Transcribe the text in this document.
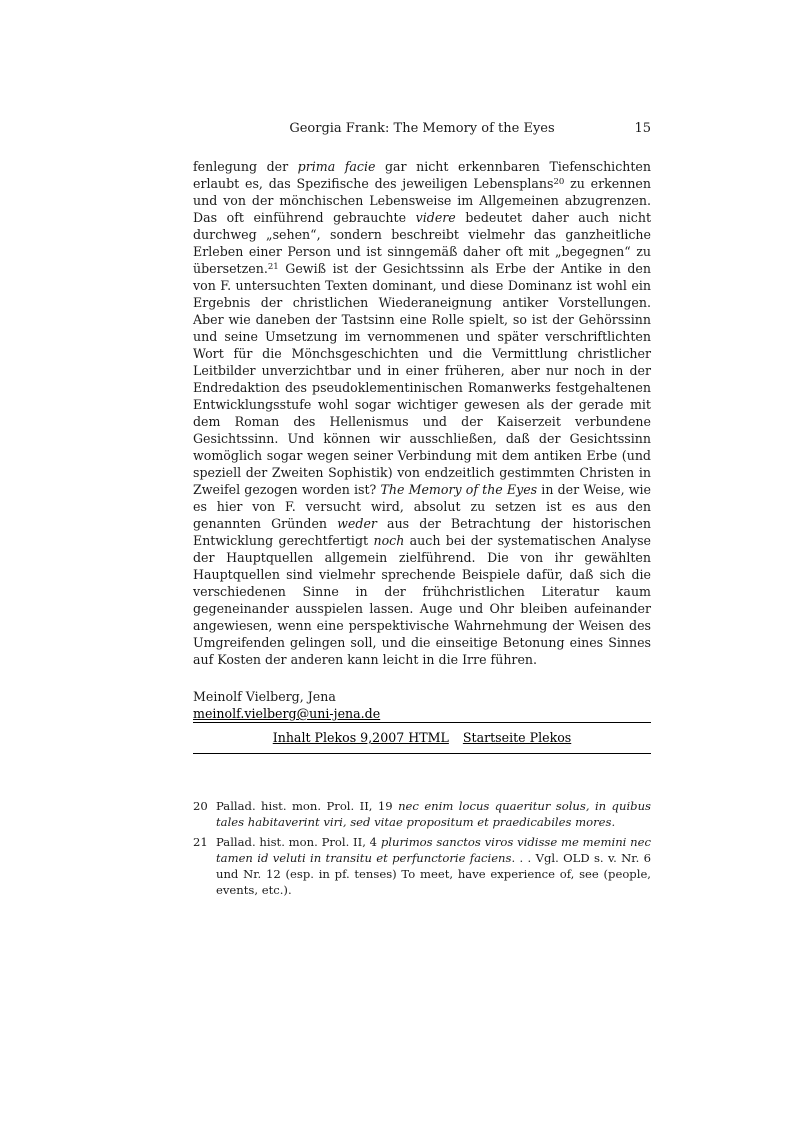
Georgia Frank: The Memory of the Eyes	15

fenlegung der prima facie gar nicht erkennbaren Tiefenschichten erlaubt es, das Spezifische des jeweiligen Lebensplans$^{20}$ zu erkennen und von der mönchischen Lebensweise im Allgemeinen abzugrenzen. Das oft einführend gebrauchte videre bedeutet daher auch nicht durchweg „sehen“, sondern beschreibt vielmehr das ganzheitliche Erleben einer Person und ist sinngemäß daher oft mit „begegnen“ zu übersetzen.$^{21}$ Gewiß ist der Gesichtssinn als Erbe der Antike in den von F. untersuchten Texten dominant, und diese Dominanz ist wohl ein Ergebnis der christlichen Wiederaneignung antiker Vorstellungen. Aber wie daneben der Tastsinn eine Rolle spielt, so ist der Gehörssinn und seine Umsetzung im vernommenen und später verschriftlichten Wort für die Mönchsgeschichten und die Vermittlung christlicher Leitbilder unverzichtbar und in einer früheren, aber nur noch in der Endredaktion des pseudoklementinischen Romanwerks festgehaltenen Entwicklungsstufe wohl sogar wichtiger gewesen als der gerade mit dem Roman des Hellenismus und der Kaiserzeit verbundene Gesichtssinn. Und können wir ausschließen, daß der Gesichtssinn womöglich sogar wegen seiner Verbindung mit dem antiken Erbe (und speziell der Zweiten Sophistik) von endzeitlich gestimmten Christen in Zweifel gezogen worden ist? The Memory of the Eyes in der Weise, wie es hier von F. versucht wird, absolut zu setzen ist es aus den genannten Gründen weder aus der Betrachtung der historischen Entwicklung gerechtfertigt noch auch bei der systematischen Analyse der Hauptquellen allgemein zielführend. Die von ihr gewählten Hauptquellen sind vielmehr sprechende Beispiele dafür, daß sich die verschiedenen Sinne in der frühchristlichen Literatur kaum gegeneinander ausspielen lassen. Auge und Ohr bleiben aufeinander angewiesen, wenn eine perspektivische Wahrnehmung der Weisen des Umgreifenden gelingen soll, und die einseitige Betonung eines Sinnes auf Kosten der anderen kann leicht in die Irre führen.

Meinolf Vielberg, Jena
meinolf.vielberg@uni-jena.de

Inhalt Plekos 9,2007 HTML Startseite Plekos
20 Pallad. hist. mon. Prol. II, 19 nec enim locus quaeritur solus, in quibus tales habitaverint viri, sed vitae propositum et praedicabiles mores.
21 Pallad. hist. mon. Prol. II, 4 plurimos sanctos viros vidisse me memini nec tamen id veluti in transitu et perfunctorie faciens. . . Vgl. OLD s. v. Nr. 6 und Nr. 12 (esp. in pf. tenses) To meet, have experience of, see (people, events, etc.).
